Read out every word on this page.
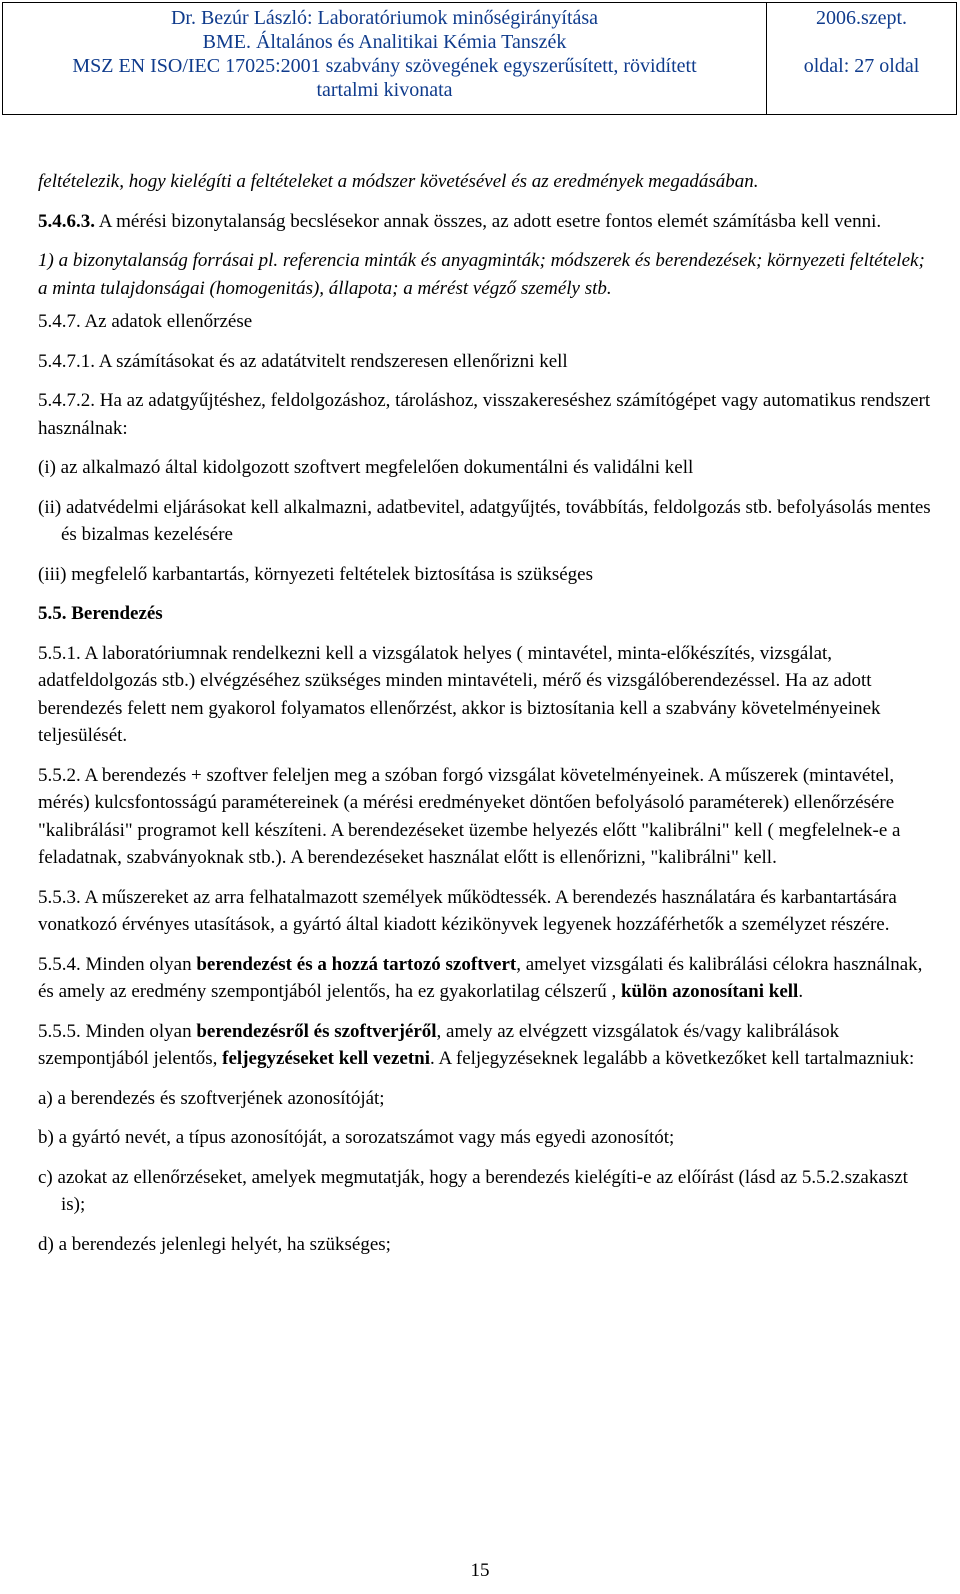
Dr. Bezúr László: Laboratóriumok minőségirányítása
BME. Általános és Analitikai Kémia Tanszék
MSZ EN ISO/IEC 17025:2001 szabvány szövegének egyszerűsített, rövidített
tartalmi kivonata
2006.szept.
oldal: 27 oldal

feltételezik, hogy kielégíti a feltételeket a módszer követésével és az eredmények megadásában.

5.4.6.3. A mérési bizonytalanság becslésekor annak összes, az adott esetre fontos elemét számításba kell venni.

1) a bizonytalanság forrásai pl. referencia minták és anyagminták; módszerek és berendezések; környezeti feltételek; a minta tulajdonságai (homogenitás), állapota; a mérést végző személy stb.

5.4.7. Az adatok ellenőrzése

5.4.7.1. A számításokat és az adatátvitelt rendszeresen ellenőrizni kell

5.4.7.2. Ha az adatgyűjtéshez, feldolgozáshoz, tároláshoz, visszakereséshez számítógépet vagy automatikus rendszert használnak:

(i) az alkalmazó által kidolgozott szoftvert megfelelően dokumentálni és validálni kell

(ii) adatvédelmi eljárásokat kell alkalmazni, adatbevitel, adatgyűjtés, továbbítás, feldolgozás stb. befolyásolás mentes és bizalmas kezelésére

(iii) megfelelő karbantartás, környezeti feltételek biztosítása is szükséges

5.5. Berendezés

5.5.1. A laboratóriumnak rendelkezni kell a vizsgálatok helyes ( mintavétel, minta-előkészítés, vizsgálat, adatfeldolgozás stb.) elvégzéséhez szükséges minden mintavételi, mérő és vizsgálóberendezéssel. Ha az adott berendezés felett nem gyakorol folyamatos ellenőrzést, akkor is biztosítania kell a szabvány követelményeinek teljesülését.

5.5.2. A berendezés + szoftver feleljen meg a szóban forgó vizsgálat követelményeinek. A műszerek (mintavétel, mérés) kulcsfontosságú paramétereinek (a mérési eredményeket döntően befolyásoló paraméterek) ellenőrzésére "kalibrálási" programot kell készíteni. A berendezéseket üzembe helyezés előtt "kalibrálni" kell ( megfelelnek-e a feladatnak, szabványoknak stb.). A berendezéseket használat előtt is ellenőrizni, "kalibrálni" kell.

5.5.3. A műszereket az arra felhatalmazott személyek működtessék. A berendezés használatára és karbantartására vonatkozó érvényes utasítások, a gyártó által kiadott kézikönyvek legyenek hozzáférhetők a személyzet részére.

5.5.4. Minden olyan berendezést és a hozzá tartozó szoftvert, amelyet vizsgálati és kalibrálási célokra használnak, és amely az eredmény szempontjából jelentős, ha ez gyakorlatilag célszerű , külön azonosítani kell.

5.5.5. Minden olyan berendezésről és szoftverjéről, amely az elvégzett vizsgálatok és/vagy kalibrálások szempontjából jelentős, feljegyzéseket kell vezetni. A feljegyzéseknek legalább a következőket kell tartalmazniuk:

a) a berendezés és szoftverjének azonosítóját;

b) a gyártó nevét, a típus azonosítóját, a sorozatszámot vagy más egyedi azonosítót;

c) azokat az ellenőrzéseket, amelyek megmutatják, hogy a berendezés kielégíti-e az előírást (lásd az 5.5.2.szakaszt is);

d) a berendezés jelenlegi helyét, ha szükséges;

15
